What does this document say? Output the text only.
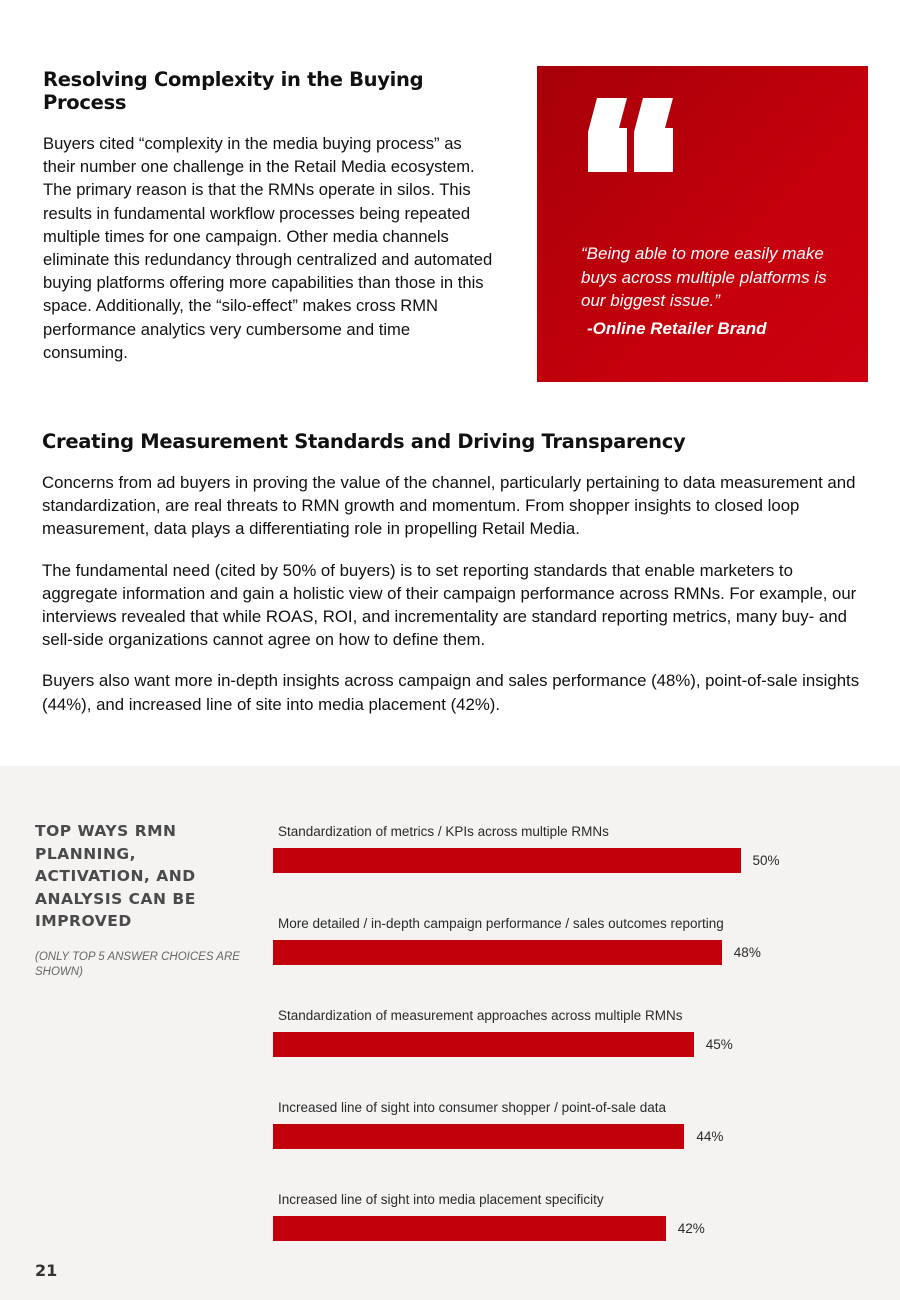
Resolving Complexity in the Buying Process

Buyers cited “complexity in the media buying process” as their number one challenge in the Retail Media ecosystem. The primary reason is that the RMNs operate in silos. This results in fundamental workflow processes being repeated multiple times for one campaign. Other media channels eliminate this redundancy through centralized and automated buying platforms offering more capabilities than those in this space. Additionally, the “silo-effect” makes cross RMN performance analytics very cumbersome and time consuming.

“Being able to more easily make buys across multiple platforms is our biggest issue.”
-Online Retailer Brand
Creating Measurement Standards and Driving Transparency

Concerns from ad buyers in proving the value of the channel, particularly pertaining to data measurement and standardization, are real threats to RMN growth and momentum. From shopper insights to closed loop measurement, data plays a differentiating role in propelling Retail Media.

The fundamental need (cited by 50% of buyers) is to set reporting standards that enable marketers to aggregate information and gain a holistic view of their campaign performance across RMNs. For example, our interviews revealed that while ROAS, ROI, and incrementality are standard reporting metrics, many buy- and sell-side organizations cannot agree on how to define them.

Buyers also want more in-depth insights across campaign and sales performance (48%), point-of-sale insights (44%), and increased line of site into media placement (42%).

TOP WAYS RMN PLANNING, ACTIVATION, AND ANALYSIS CAN BE IMPROVED
(ONLY TOP 5 ANSWER CHOICES ARE SHOWN)
Standardization of metrics / KPIs across multiple RMNs
50%
More detailed / in-depth campaign performance / sales outcomes reporting
48%
Standardization of measurement approaches across multiple RMNs
45%
Increased line of sight into consumer shopper / point-of-sale data
44%
Increased line of sight into media placement specificity
42%
21
